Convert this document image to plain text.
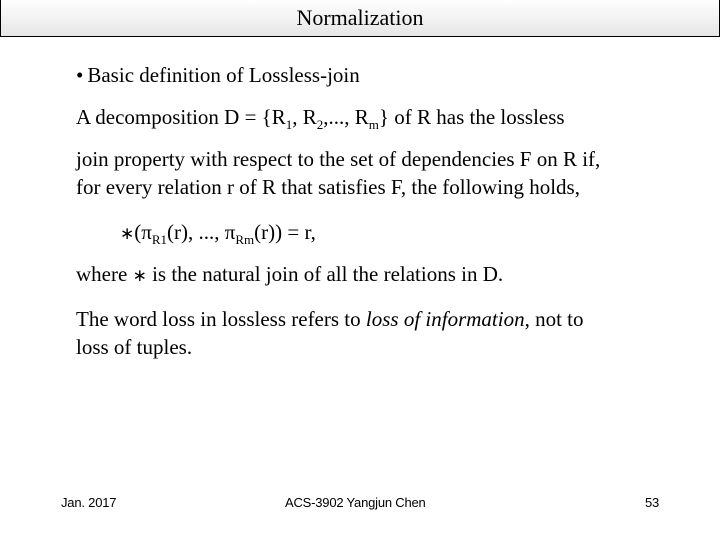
Normalization
• Basic definition of Lossless-join
A decomposition $D = \{R_1$, $R_2$,..., $R_m$} of R has the lossless
join property with respect to the set of dependencies F on R if,
for every relation r of R that satisfies F, the following holds,
$∗(\pi_{R1}(r)$, ..., $\pi_{Rm}(r)) = r$,
where ∗ is the natural join of all the relations in D.
The word loss in lossless refers to loss of information, not to
loss of tuples.
Jan. 2017	ACS-3902 Yangjun Chen	53
